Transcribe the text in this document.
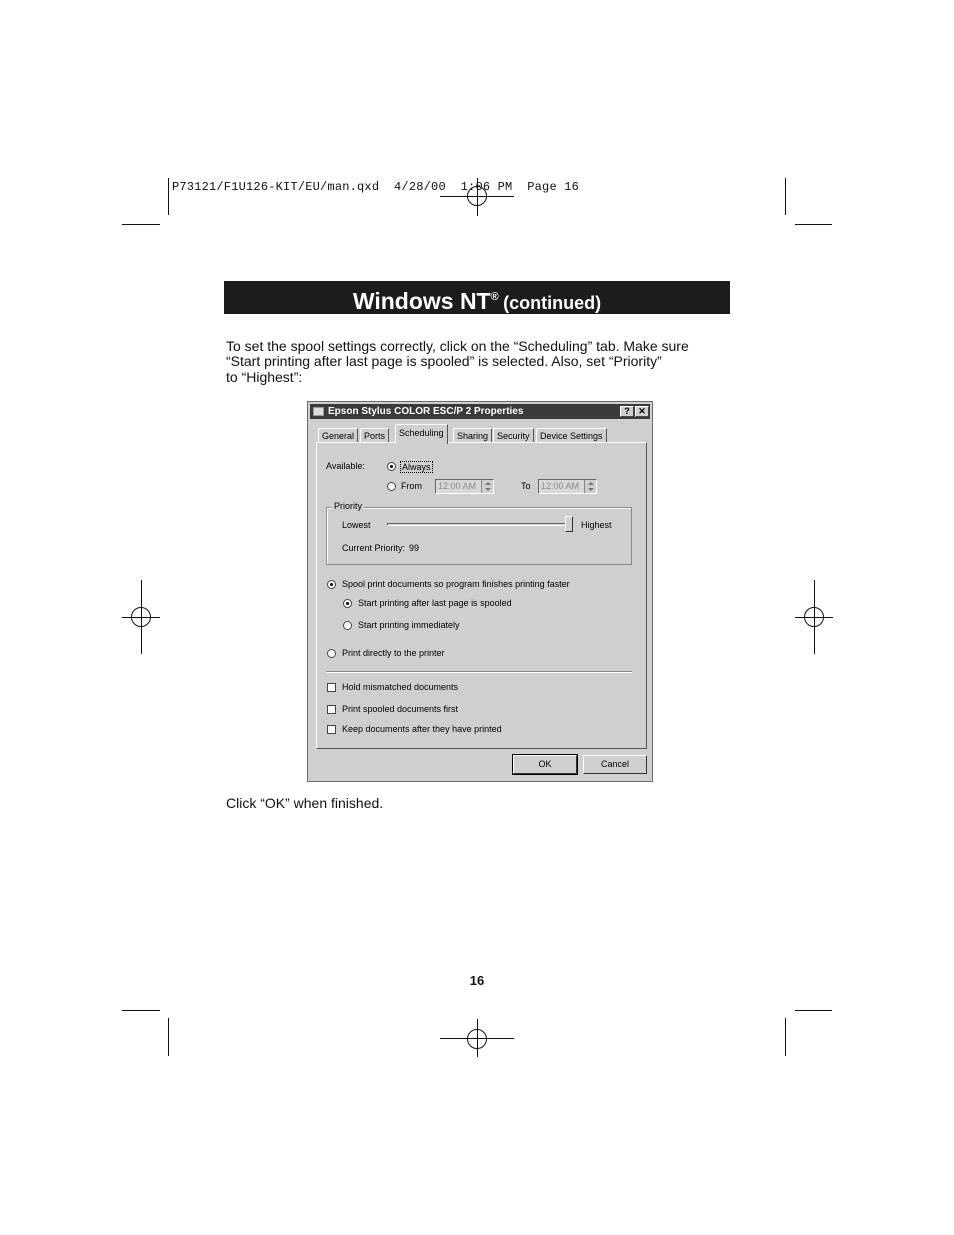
P73121/F1U126-KIT/EU/man.qxd  4/28/00  1:06 PM  Page 16
Windows NT® (continued)
To set the spool settings correctly, click on the “Scheduling” tab. Make sure
“Start printing after last page is spooled” is selected. Also, set “Priority”
to “Highest”:
Epson Stylus COLOR ESC/P 2 Properties	? ✕
General	Ports	Scheduling	Sharing Security	Device Settings
Available:	Always
From	12:00 AM	To	12:00 AM
Priority
Lowest	Highest
Current Priority: 99
Spool print documents so program finishes printing faster
Start printing after last page is spooled
Start printing immediately
Print directly to the printer
Hold mismatched documents
Print spooled documents first
Keep documents after they have printed
OK	Cancel
Click “OK” when finished.
16
